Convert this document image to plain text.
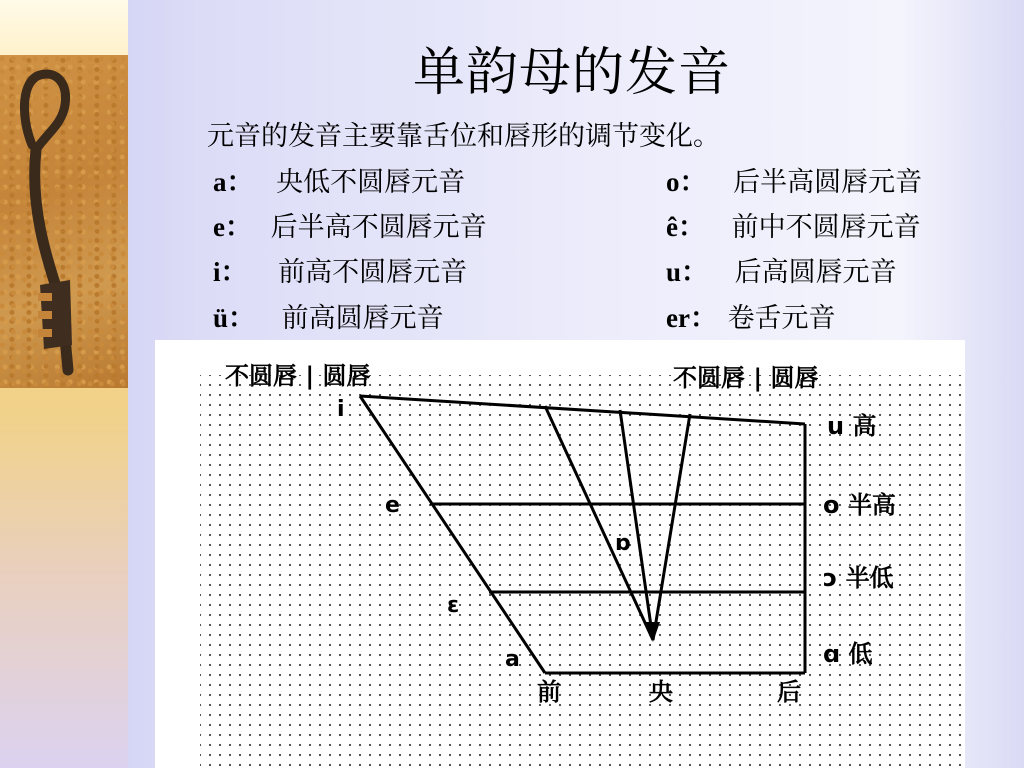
单韵母的发音
元音的发音主要靠舌位和唇形的调节变化。
a： 央低不圆唇元音
e： 后半高不圆唇元音
i： 前高不圆唇元音
ü： 前高圆唇元音
o： 后半高圆唇元音
ê： 前中不圆唇元音
u： 后高圆唇元音
er： 卷舌元音
不圆唇 | 圆唇	不圆唇 | 圆唇
i
e
ɒ
ɛ
a
u 高
o 半高
ɔ 半低
ɑ 低
前	央	后
